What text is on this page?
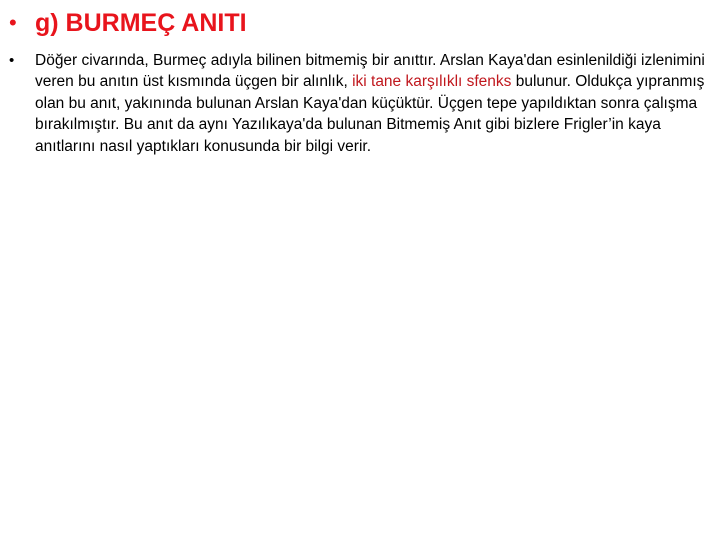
• g) BURMEÇ ANITI
• Döğer civarında, Burmeç adıyla bilinen bitmemiş bir anıttır. Arslan Kaya'dan esinlenildiği izlenimini veren bu anıtın üst kısmında üçgen bir alınlık, iki tane karşılıklı sfenks bulunur. Oldukça yıpranmış olan bu anıt, yakınında bulunan Arslan Kaya'dan küçüktür. Üçgen tepe yapıldıktan sonra çalışma bırakılmıştır. Bu anıt da aynı Yazılıkaya'da bulunan Bitmemiş Anıt gibi bizlere Frigler’in kaya anıtlarını nasıl yaptıkları konusunda bir bilgi verir.
